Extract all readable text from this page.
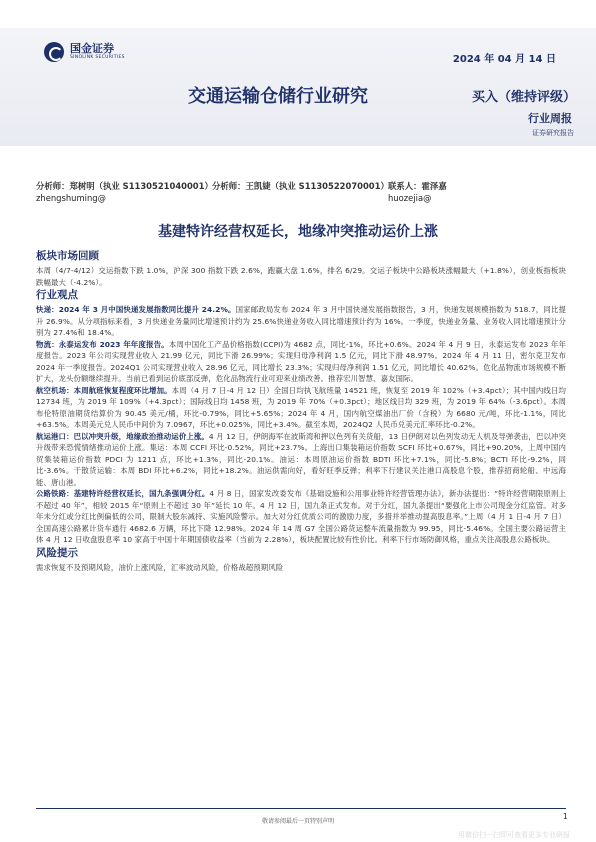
国金证券
SINOLINK SECURITIES	2024 年 04 月 14 日
交通运输仓储行业研究	买入（维持评级）
行业周报
证券研究报告
分析师：郑树明（执业 S1130521040001） 分析师：王凯婕（执业 S1130522070001） 联系人：霍泽嘉
zhengshuming@	huozejia@
基建特许经营权延长，地缘冲突推动运价上涨
板块市场回顾

本周（4/7-4/12）交运指数下跌 1.0%，沪深 300 指数下跌 2.6%，跑赢大盘 1.6%，排名 6/29。交运子板块中公路板块涨幅最大（+1.8%），创业板指板块跌幅最大（-4.2%）。

行业观点

快递：2024 年 3 月中国快递发展指数同比提升 24.2%。国家邮政局发布 2024 年 3 月中国快递发展指数报告，3 月，快递发展规模指数为 518.7，同比提升 26.9%。从分项指标来看，3 月快递业务量同比增速预计约为 25.6%快递业务收入同比增速预计约为 16%。一季度，快递业务量、业务收入同比增速预计分别为 27.4%和 18.4%。

物流：永泰运发布 2023 年年度报告。本周中国化工产品价格指数(CCPI)为 4682 点，同比-1%，环比+0.6%。2024 年 4 月 9 日，永泰运发布 2023 年年度报告。2023 年公司实现营业收入 21.99 亿元，同比下滑 26.99%；实现归母净利润 1.5 亿元，同比下滑 48.97%。2024 年 4 月 11 日，密尔克卫发布 2024 年一季度报告。2024Q1 公司实现营业收入 28.96 亿元，同比增长 23.3%；实现归母净利润 1.51 亿元，同比增长 40.62%。危化品物流市场规模不断扩大，龙头份额继续提升。当前已看到运价底部反弹，危化品物流行业可迎来业绩改善。推荐宏川智慧、嘉友国际。

航空机场：本周航班恢复程度环比增加。本周（4 月 7 日-4 月 12 日）全国日均执飞航班量 14521 班，恢复至 2019 年 102%（+3.4pct）；其中国内线日均 12734 班，为 2019 年 109%（+4.3pct）；国际线日均 1458 班，为 2019 年 70%（+0.3pct）；地区线日均 329 班，为 2019 年 64%（-3.6pct）。本周布伦特原油期货结算价为 90.45 美元/桶，环比-0.79%，同比+5.65%；2024 年 4 月，国内航空煤油出厂价（含税）为 6680 元/吨，环比-1.1%，同比+63.5%。本周美元兑人民币中间价为 7.0967，环比+0.025%，同比+3.4%。截至本周，2024Q2 人民币兑美元汇率环比-0.2%。

航运港口：巴以冲突升级，地缘政治推动运价上涨。4 月 12 日，伊朗海军在波斯湾和押以色列有关货船，13 日伊朗对以色列发动无人机及导弹袭击，巴以冲突升级带来恐慌情绪推动运价上涨。集运：本周 CCFI 环比-0.52%，同比+23.7%。上海出口集装箱运价指数 SCFI 环比+0.67%，同比+90.20%，上周中国内贸集装箱运价指数 PDCI 为 1211 点，环比+1.3%，同比-20.1%。油运：本周原油运价指数 BDTI 环比+7.1%，同比-5.8%；BCTI 环比-9.2%，同比-3.6%。干散货运输：本周 BDI 环比+6.2%，同比+18.2%。油运供需向好，看好旺季反弹；利率下行建议关注港口高股息个股，推荐招商轮船、中远海能、唐山港。

公路铁路：基建特许经营权延长，国九条强调分红。4 月 8 日，国家发改委发布《基础设施和公用事业特许经营管理办法》，新办法提出：“特许经营期限原则上不超过 40 年”，相较 2015 年“原则上不超过 30 年”延长 10 年。4 月 12 日，国九条正式发布。对于分红，国九条提出“要强化上市公司现金分红监管。对多年未分红或分红比例偏低的公司，限制大股东减持、实施风险警示。加大对分红优质公司的激励力度，多措并举推动提高股息率。”上周（4 月 1 日-4 月 7 日）全国高速公路累计货车通行 4682.6 万辆，环比下降 12.98%。2024 年 14 周 G7 全国公路货运整车流量指数为 99.95，同比-5.46%。全国主要公路运营主体 4 月 12 日收盘股息率 10 家高于中国十年期国债收益率（当前为 2.28%），板块配置比较有性价比。利率下行市场防御风格，重点关注高股息公路板块。

风险提示

需求恢复不及预期风险，油价上涨风险，汇率波动风险，价格战超预期风险

敬请参阅最后一页特别声明
1
用微信扫一扫即可查看更多专业研报
